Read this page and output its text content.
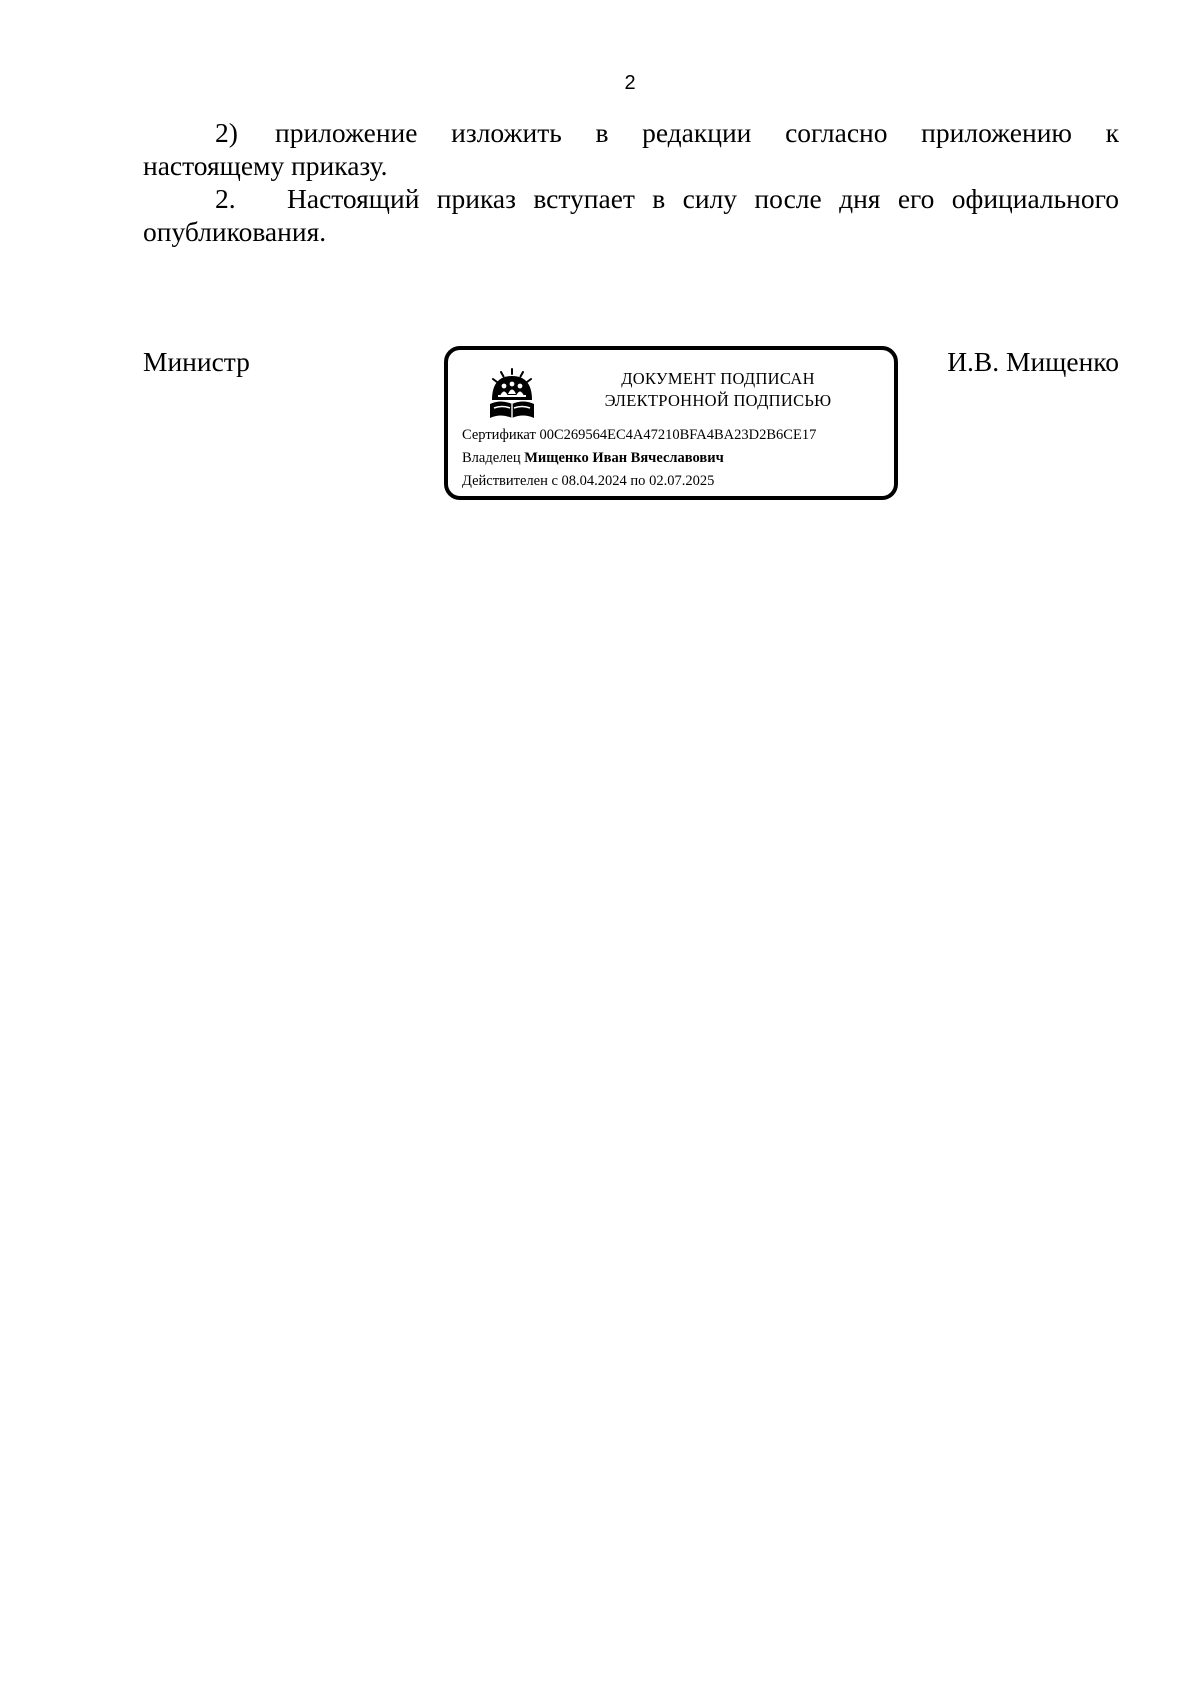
2
2) приложение изложить в редакции согласно приложению к настоящему приказу.
2. Настоящий приказ вступает в силу после дня его официального опубликования.
Министр	И.В. Мищенко
ДОКУМЕНТ ПОДПИСАН
ЭЛЕКТРОННОЙ ПОДПИСЬЮ
Сертификат 00C269564EC4A47210BFA4BA23D2B6CE17
Владелец Мищенко Иван Вячеславович
Действителен с 08.04.2024 по 02.07.2025
